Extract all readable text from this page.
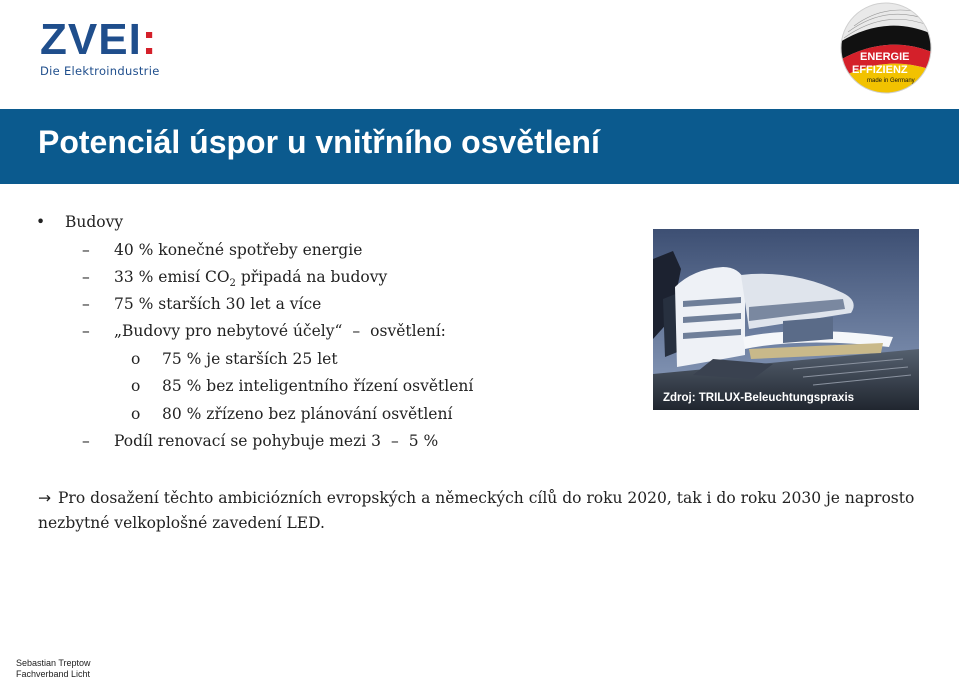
ZVEI:
Die Elektroindustrie
ENERGIE
EFFIZIENZ
made in Germany
Potenciál úspor u vnitřního osvětlení
• Budovy
– 40 % konečné spotřeby energie
– 33 % emisí $CO_2$ připadá na budovy
– 75 % starších 30 let a více
– „Budovy pro nebytové účely“ – osvětlení:
o 75 % je starších 25 let
o 85 % bez inteligentního řízení osvětlení
o 80 % zřízeno bez plánování osvětlení
– Podíl renovací se pohybuje mezi 3 – 5 %
Zdroj: TRILUX-Beleuchtungspraxis
→ Pro dosažení těchto ambiciózních evropských a německých cílů do roku 2020, tak i do roku 2030 je naprosto nezbytné velkoplošné zavedení LED.
Sebastian Treptow
Fachverband Licht
